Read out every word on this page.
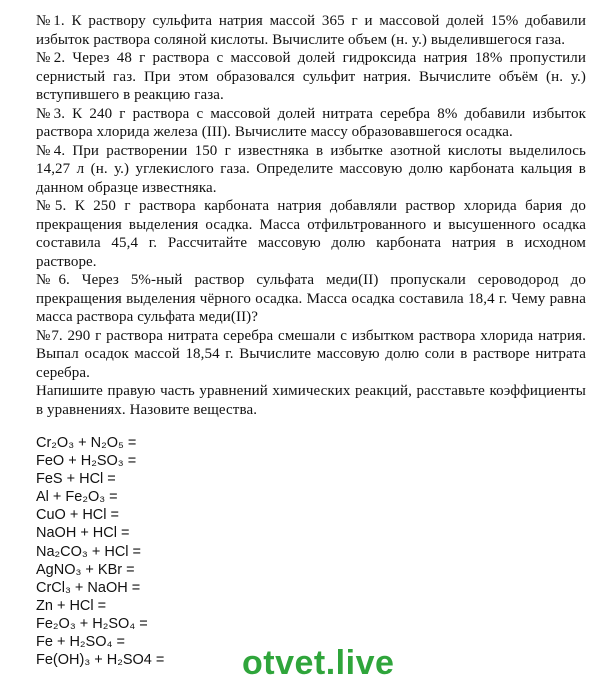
№1. К раствору сульфита натрия массой 365 г и массовой долей 15% добавили избыток раствора соляной кислоты. Вычислите объем (н. у.) выделившегося газа.

№2. Через 48 г раствора с массовой долей гидроксида натрия 18% пропустили сернистый газ. При этом образовался сульфит натрия. Вычислите объём (н. у.) вступившего в реакцию газа.

№3. К 240 г раствора с массовой долей нитрата серебра 8% добавили избыток раствора хлорида железа (III). Вычислите массу образовавшегося осадка.

№4. При растворении 150 г известняка в избытке азотной кислоты выделилось 14,27 л (н. у.) углекислого газа. Определите массовую долю карбоната кальция в данном образце известняка.

№5. К 250 г раствора карбоната натрия добавляли раствор хлорида бария до прекращения выделения осадка. Масса отфильтрованного и высушенного осадка составила 45,4 г. Рассчитайте массовую долю карбоната натрия в исходном растворе.

№6. Через 5%-ный раствор сульфата меди(II) пропускали сероводород до прекращения выделения чёрного осадка. Масса осадка составила 18,4 г. Чему равна масса раствора сульфата меди(II)?

№7. 290 г раствора нитрата серебра смешали с избытком раствора хлорида натрия. Выпал осадок массой 18,54 г. Вычислите массовую долю соли в растворе нитрата серебра.

Напишите правую часть уравнений химических реакций, расставьте коэффициенты в уравнениях. Назовите вещества.

Cr₂O₃ + N₂O₅ =
FeO + H₂SO₃ =
FeS + HCl =
Al + Fe₂O₃ =
CuO + HCl =
NaOH + HCl =
Na₂CO₃ + HCl =
AgNO₃ + KBr =
CrCl₃ + NaOH =
Zn + HCl =
Fe₂O₃ + H₂SO₄ =
Fe + H₂SO₄ =
Fe(OH)₃ + H₂SO4 =	otvet.live
